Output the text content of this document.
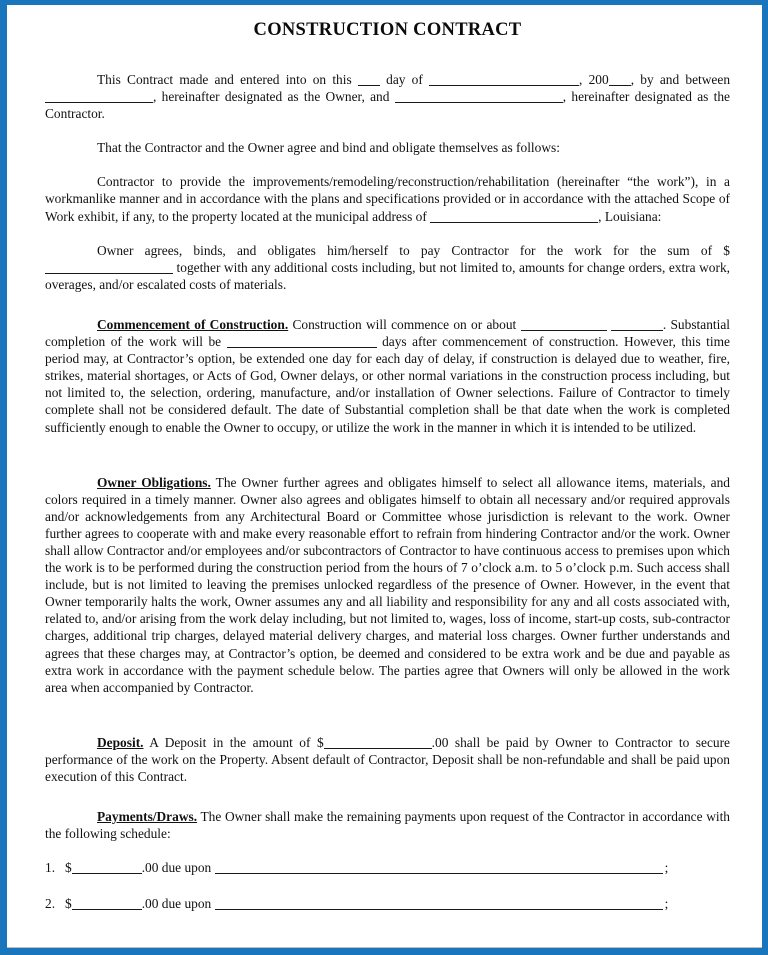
CONSTRUCTION CONTRACT

This Contract made and entered into on this	day of	, 200 , by and between, hereinafter designated as the Owner, and	, hereinafter designated as the Contractor.

That the Contractor and the Owner agree and bind and obligate themselves as follows:

Contractor to provide the improvements/remodeling/reconstruction/rehabilitation (hereinafter “the work”), in a workmanlike manner and in accordance with the plans and specifications provided or in accordance with the attached Scope of Work exhibit, if any, to the property located at the municipal address of	, Louisiana:

Owner agrees, binds, and obligates him/herself to pay Contractor for the work for the sum of $ together with any additional costs including, but not limited to, amounts for change orders, extra work, overages, and/or escalated costs of materials.

Commencement of Construction. Construction will commence on or about	. Substantial completion of the work will be	days after commencement of construction. However, this time period may, at Contractor’s option, be extended one day for each day of delay, if construction is delayed due to weather, fire, strikes, material shortages, or Acts of God, Owner delays, or other normal variations in the construction process including, but not limited to, the selection, ordering, manufacture, and/or installation of Owner selections. Failure of Contractor to timely complete shall not be considered default. The date of Substantial completion shall be that date when the work is completed sufficiently enough to enable the Owner to occupy, or utilize the work in the manner in which it is intended to be utilized.

Owner Obligations. The Owner further agrees and obligates himself to select all allowance items, materials, and colors required in a timely manner. Owner also agrees and obligates himself to obtain all necessary and/or required approvals and/or acknowledgements from any Architectural Board or Committee whose jurisdiction is relevant to the work. Owner further agrees to cooperate with and make every reasonable effort to refrain from hindering Contractor and/or the work. Owner shall allow Contractor and/or employees and/or subcontractors of Contractor to have continuous access to premises upon which the work is to be performed during the construction period from the hours of 7 o’clock a.m. to 5 o’clock p.m. Such access shall include, but is not limited to leaving the premises unlocked regardless of the presence of Owner. However, in the event that Owner temporarily halts the work, Owner assumes any and all liability and responsibility for any and all costs associated with, related to, and/or arising from the work delay including, but not limited to, wages, loss of income, start-up costs, sub-contractor charges, additional trip charges, delayed material delivery charges, and material loss charges. Owner further understands and agrees that these charges may, at Contractor’s option, be deemed and considered to be extra work and be due and payable as extra work in accordance with the payment schedule below. The parties agree that Owners will only be allowed in the work area when accompanied by Contractor.

Deposit. A Deposit in the amount of $	.00 shall be paid by Owner to Contractor to secure performance of the work on the Property. Absent default of Contractor, Deposit shall be non-refundable and shall be paid upon execution of this Contract.

Payments/Draws. The Owner shall make the remaining payments upon request of the Contractor in accordance with the following schedule:

1. $	.00 due upon	;
2. $	.00 due upon	;
